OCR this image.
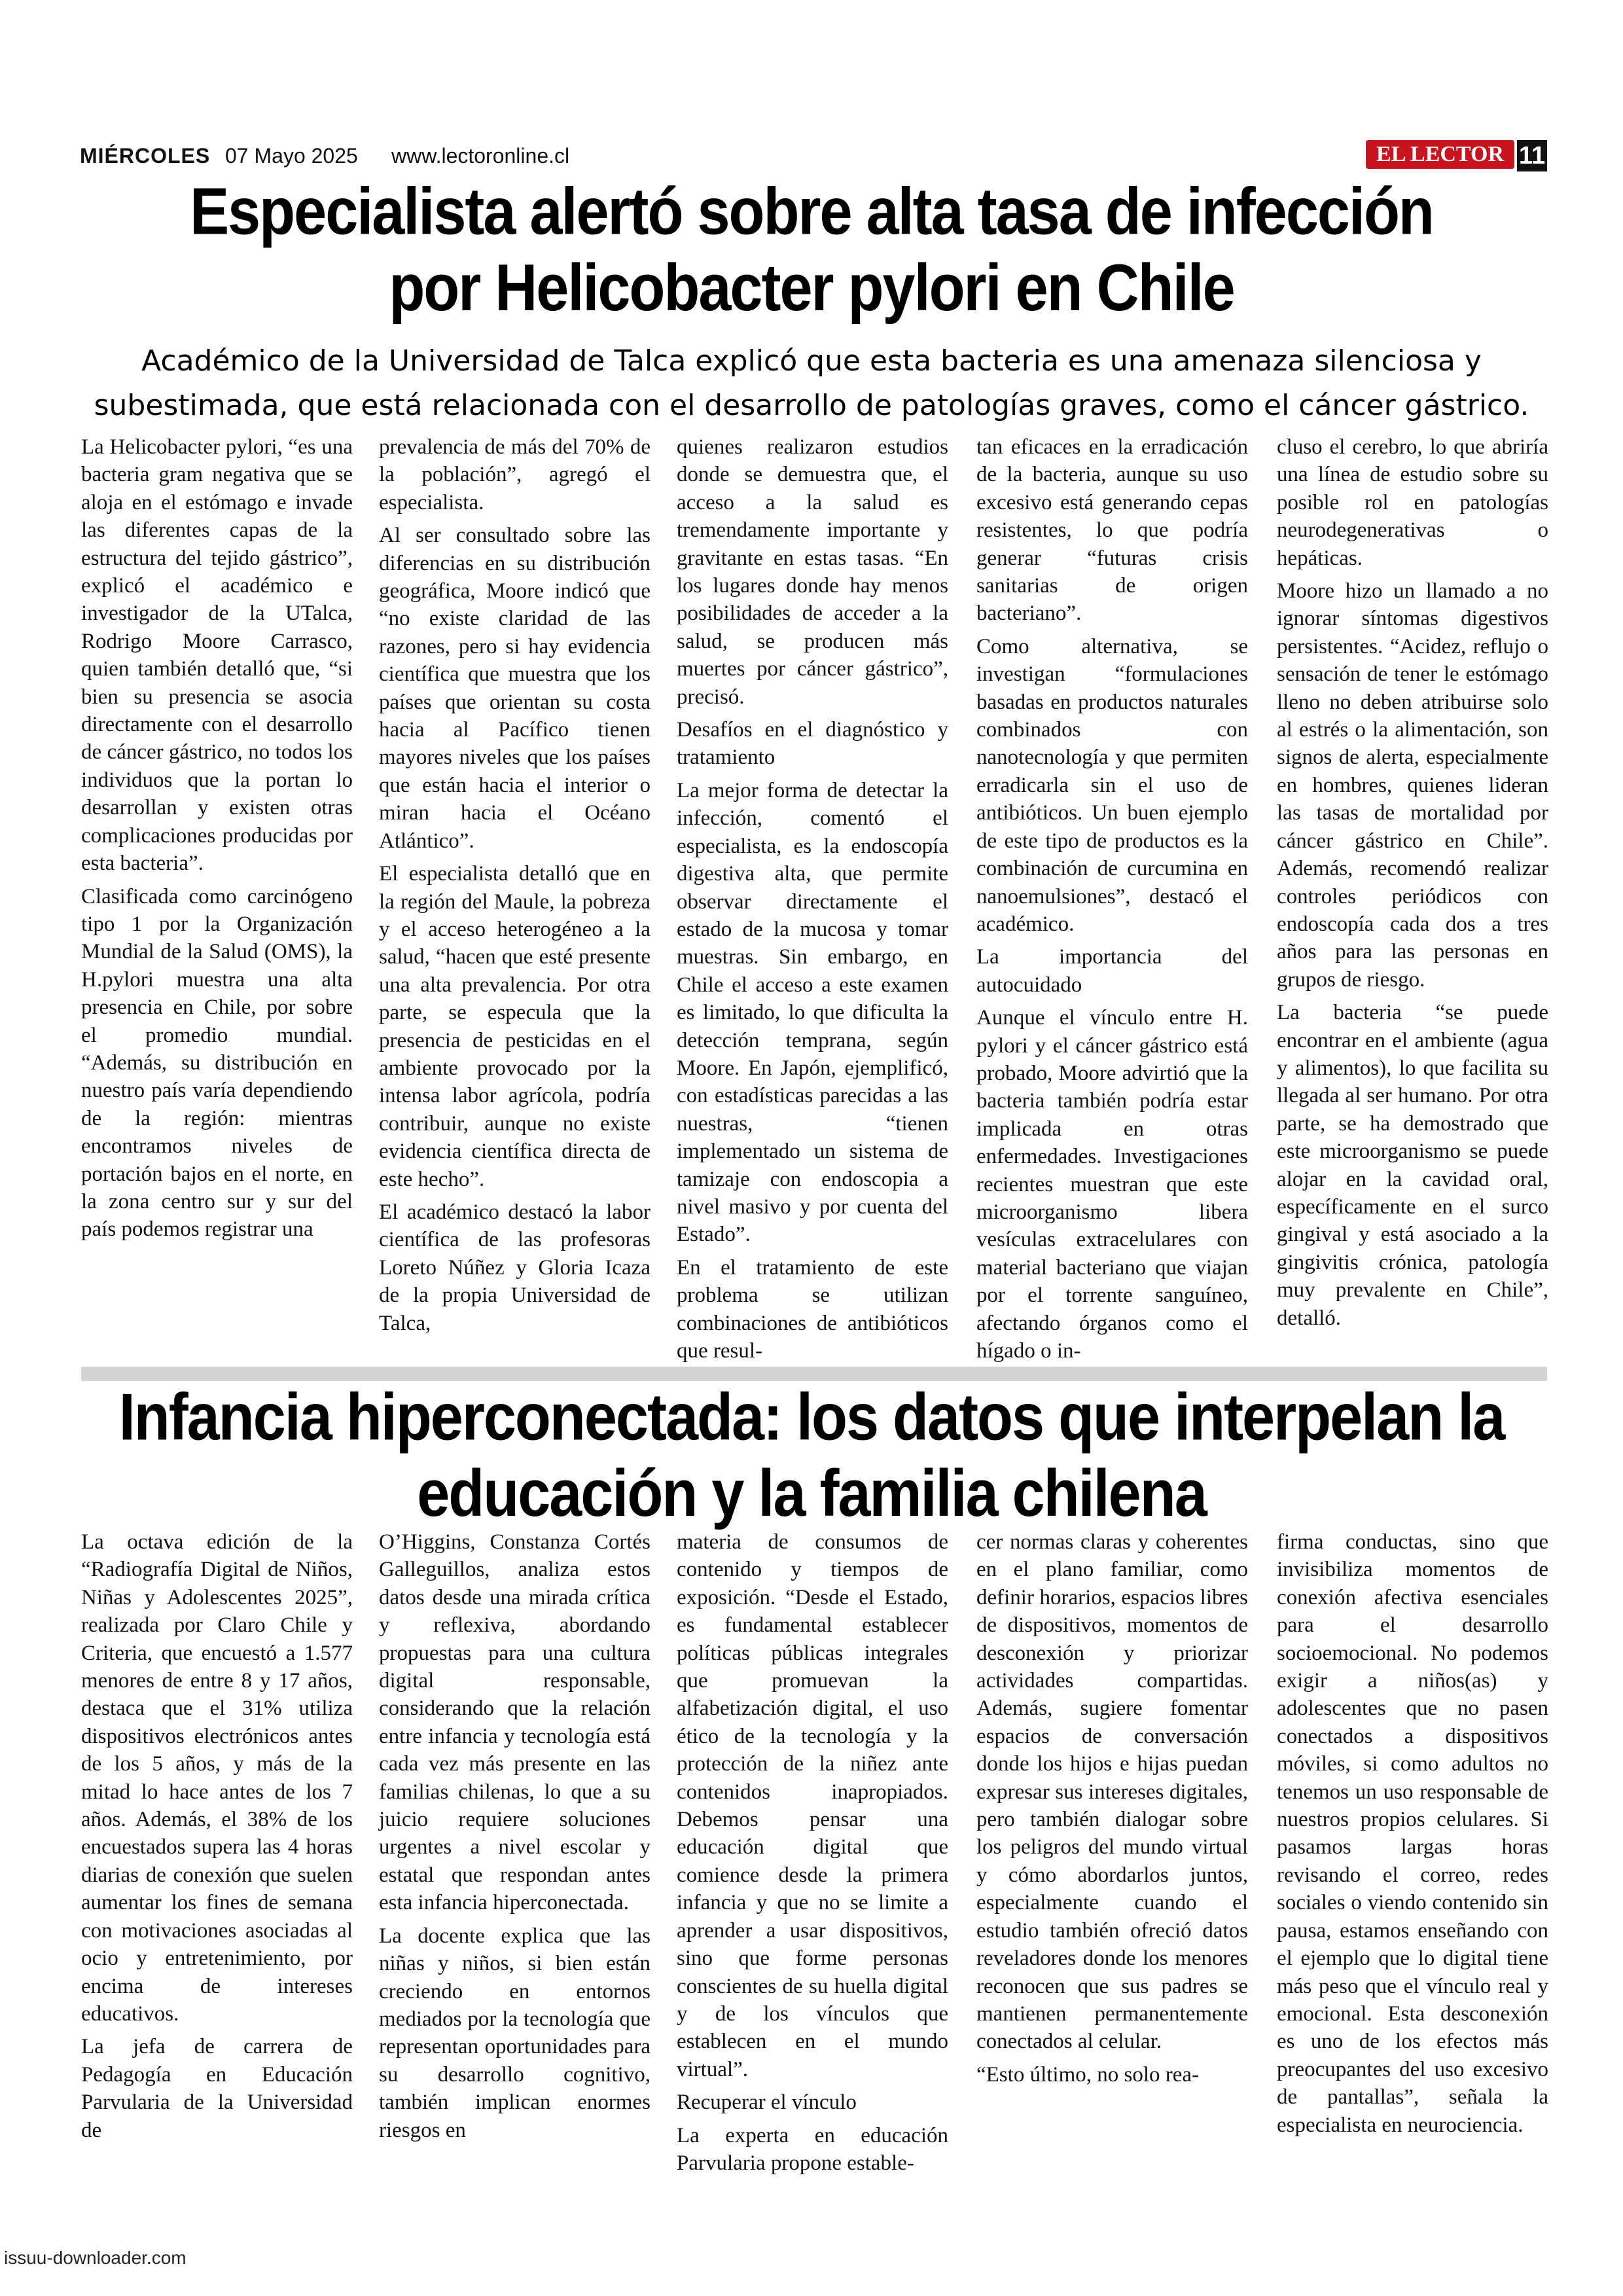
MIÉRCOLES 07 Mayo 2025 www.lectoronline.cl	EL LECTOR 11
Especialista alertó sobre alta tasa de infección
por Helicobacter pylori en Chile
Académico de la Universidad de Talca explicó que esta bacteria es una amenaza silenciosa y subestimada, que está relacionada con el desarrollo de patologías graves, como el cáncer gástrico.

La Helicobacter pylori, “es una bacteria gram negativa que se aloja en el estómago e invade las diferentes capas de la estructura del tejido gástrico”, explicó el académico e investigador de la UTalca, Rodrigo Moore Carrasco, quien también detalló que, “si bien su presencia se asocia directamente con el desarrollo de cáncer gástrico, no todos los individuos que la portan lo desarrollan y existen otras complicaciones producidas por esta bacteria”.

Clasificada como carcinógeno tipo 1 por la Organización Mundial de la Salud (OMS), la H.pylori muestra una alta presencia en Chile, por sobre el promedio mundial. “Además, su distribución en nuestro país varía dependiendo de la región: mientras encontramos niveles de portación bajos en el norte, en la zona centro sur y sur del país podemos registrar una

prevalencia de más del 70% de la población”, agregó el especialista.

Al ser consultado sobre las diferencias en su distribución geográfica, Moore indicó que “no existe claridad de las razones, pero si hay evidencia científica que muestra que los países que orientan su costa hacia al Pacífico tienen mayores niveles que los países que están hacia el interior o miran hacia el Océano Atlántico”.

El especialista detalló que en la región del Maule, la pobreza y el acceso heterogéneo a la salud, “hacen que esté presente una alta prevalencia. Por otra parte, se especula que la presencia de pesticidas en el ambiente provocado por la intensa labor agrícola, podría contribuir, aunque no existe evidencia científica directa de este hecho”.

El académico destacó la labor científica de las profesoras Loreto Núñez y Gloria Icaza de la propia Universidad de Talca,

quienes realizaron estudios donde se demuestra que, el acceso a la salud es tremendamente importante y gravitante en estas tasas. “En los lugares donde hay menos posibilidades de acceder a la salud, se producen más muertes por cáncer gástrico”, precisó.

Desafíos en el diagnóstico y tratamiento

La mejor forma de detectar la infección, comentó el especialista, es la endoscopía digestiva alta, que permite observar directamente el estado de la mucosa y tomar muestras. Sin embargo, en Chile el acceso a este examen es limitado, lo que dificulta la detección temprana, según Moore. En Japón, ejemplificó, con estadísticas parecidas a las nuestras, “tienen implementado un sistema de tamizaje con endoscopia a nivel masivo y por cuenta del Estado”.

En el tratamiento de este problema se utilizan combinaciones de antibióticos que resul-

tan eficaces en la erradicación de la bacteria, aunque su uso excesivo está generando cepas resistentes, lo que podría generar “futuras crisis sanitarias de origen bacteriano”.

Como alternativa, se investigan “formulaciones basadas en productos naturales combinados con nanotecnología y que permiten erradicarla sin el uso de antibióticos. Un buen ejemplo de este tipo de productos es la combinación de curcumina en nanoemulsiones”, destacó el académico.

La importancia del autocuidado

Aunque el vínculo entre H. pylori y el cáncer gástrico está probado, Moore advirtió que la bacteria también podría estar implicada en otras enfermedades. Investigaciones recientes muestran que este microorganismo libera vesículas extracelulares con material bacteriano que viajan por el torrente sanguíneo, afectando órganos como el hígado o in-

cluso el cerebro, lo que abriría una línea de estudio sobre su posible rol en patologías neurodegenerativas o hepáticas.

Moore hizo un llamado a no ignorar síntomas digestivos persistentes. “Acidez, reflujo o sensación de tener le estómago lleno no deben atribuirse solo al estrés o la alimentación, son signos de alerta, especialmente en hombres, quienes lideran las tasas de mortalidad por cáncer gástrico en Chile”. Además, recomendó realizar controles periódicos con endoscopía cada dos a tres años para las personas en grupos de riesgo.

La bacteria “se puede encontrar en el ambiente (agua y alimentos), lo que facilita su llegada al ser humano. Por otra parte, se ha demostrado que este microorganismo se puede alojar en la cavidad oral, específicamente en el surco gingival y está asociado a la gingivitis crónica, patología muy prevalente en Chile”, detalló.

Infancia hiperconectada: los datos que interpelan la
educación y la familia chilena

La octava edición de la “Radiografía Digital de Niños, Niñas y Adolescentes 2025”, realizada por Claro Chile y Criteria, que encuestó a 1.577 menores de entre 8 y 17 años, destaca que el 31% utiliza dispositivos electrónicos antes de los 5 años, y más de la mitad lo hace antes de los 7 años. Además, el 38% de los encuestados supera las 4 horas diarias de conexión que suelen aumentar los fines de semana con motivaciones asociadas al ocio y entretenimiento, por encima de intereses educativos.

La jefa de carrera de Pedagogía en Educación Parvularia de la Universidad de

O’Higgins, Constanza Cortés Galleguillos, analiza estos datos desde una mirada crítica y reflexiva, abordando propuestas para una cultura digital responsable, considerando que la relación entre infancia y tecnología está cada vez más presente en las familias chilenas, lo que a su juicio requiere soluciones urgentes a nivel escolar y estatal que respondan antes esta infancia hiperconectada.

La docente explica que las niñas y niños, si bien están creciendo en entornos mediados por la tecnología que representan oportunidades para su desarrollo cognitivo, también implican enormes riesgos en

materia de consumos de contenido y tiempos de exposición. “Desde el Estado, es fundamental establecer políticas públicas integrales que promuevan la alfabetización digital, el uso ético de la tecnología y la protección de la niñez ante contenidos inapropiados. Debemos pensar una educación digital que comience desde la primera infancia y que no se limite a aprender a usar dispositivos, sino que forme personas conscientes de su huella digital y de los vínculos que establecen en el mundo virtual”.

Recuperar el vínculo

La experta en educación Parvularia propone estable-

cer normas claras y coherentes en el plano familiar, como definir horarios, espacios libres de dispositivos, momentos de desconexión y priorizar actividades compartidas. Además, sugiere fomentar espacios de conversación donde los hijos e hijas puedan expresar sus intereses digitales, pero también dialogar sobre los peligros del mundo virtual y cómo abordarlos juntos, especialmente cuando el estudio también ofreció datos reveladores donde los menores reconocen que sus padres se mantienen permanentemente conectados al celular.

“Esto último, no solo rea-

firma conductas, sino que invisibiliza momentos de conexión afectiva esenciales para el desarrollo socioemocional. No podemos exigir a niños(as) y adolescentes que no pasen conectados a dispositivos móviles, si como adultos no tenemos un uso responsable de nuestros propios celulares. Si pasamos largas horas revisando el correo, redes sociales o viendo contenido sin pausa, estamos enseñando con el ejemplo que lo digital tiene más peso que el vínculo real y emocional. Esta desconexión es uno de los efectos más preocupantes del uso excesivo de pantallas”, señala la especialista en neurociencia.

issuu-downloader.com
